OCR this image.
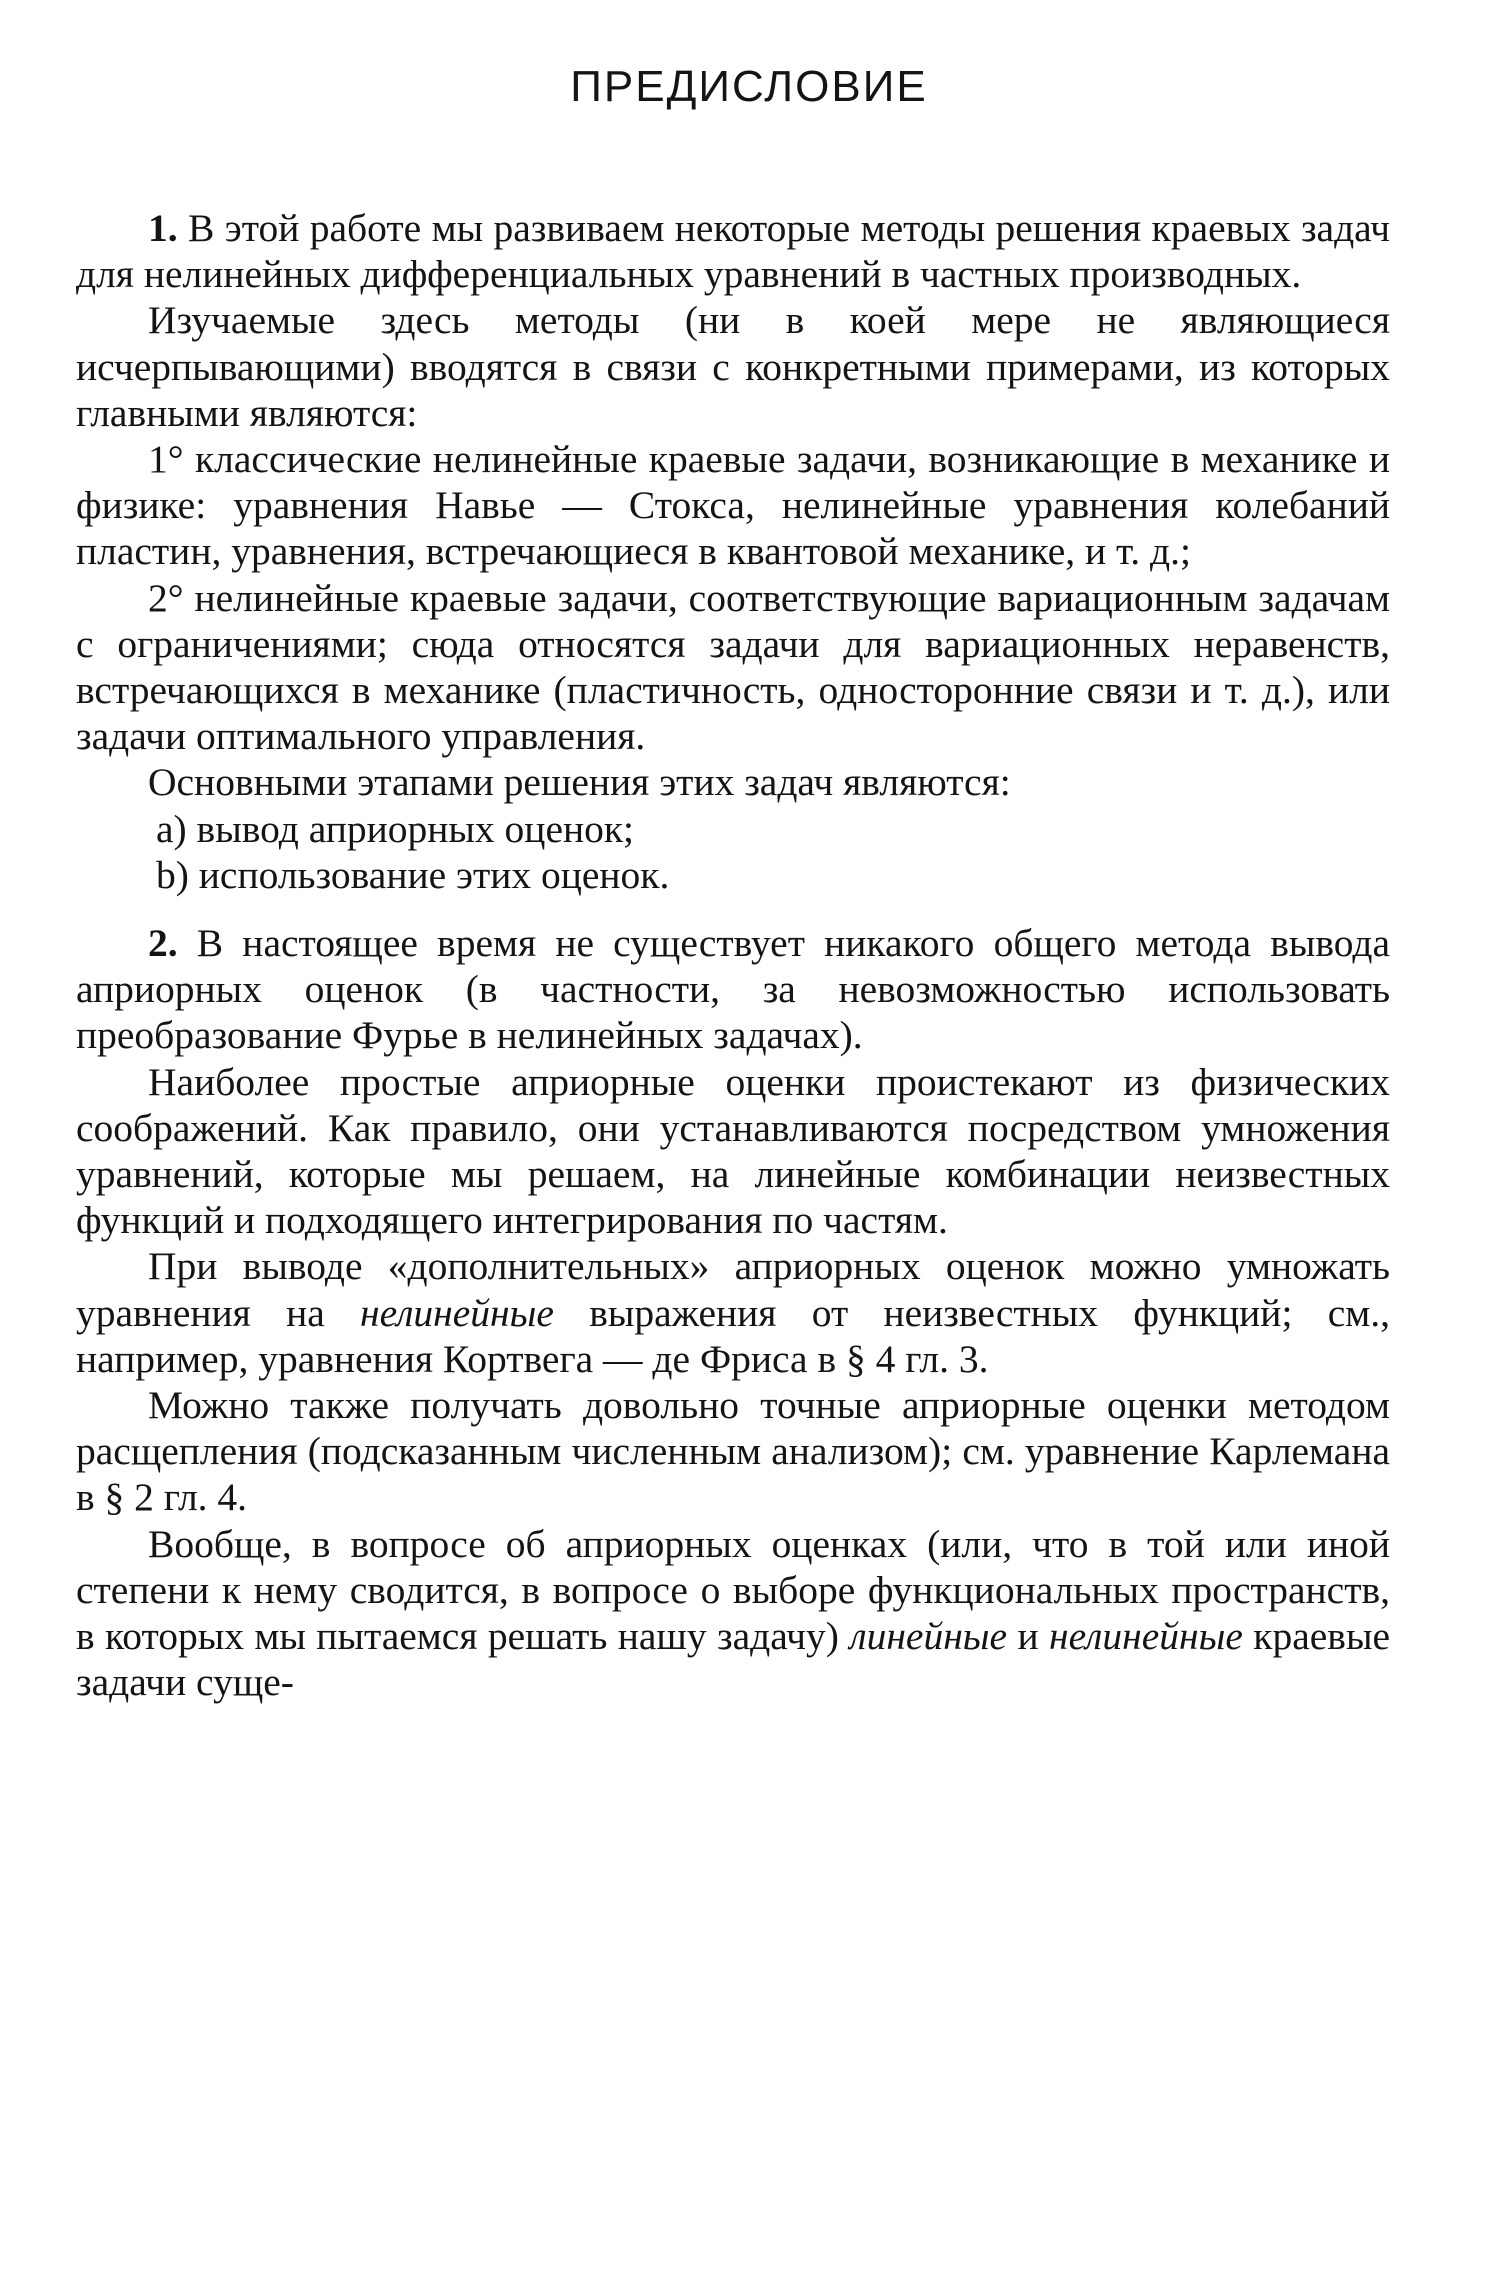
ПРЕДИСЛОВИЕ

1. В этой работе мы развиваем некоторые методы решения краевых задач для нелинейных дифференциальных уравнений в частных производных.

Изучаемые здесь методы (ни в коей мере не являющиеся исчерпывающими) вводятся в связи с конкретными примерами, из которых главными являются:

1° классические нелинейные краевые задачи, возникающие в механике и физике: уравнения Навье — Стокса, нелинейные уравнения колебаний пластин, уравнения, встречающиеся в квантовой механике, и т. д.;

2° нелинейные краевые задачи, соответствующие вариационным задачам с ограничениями; сюда относятся задачи для вариационных неравенств, встречающихся в механике (пластичность, односторонние связи и т. д.), или задачи оптимального управления.

Основными этапами решения этих задач являются:

a) вывод априорных оценок;

b) использование этих оценок.

2. В настоящее время не существует никакого общего метода вывода априорных оценок (в частности, за невозможностью использовать преобразование Фурье в нелинейных задачах).

Наиболее простые априорные оценки проистекают из физических соображений. Как правило, они устанавливаются посредством умножения уравнений, которые мы решаем, на линейные комбинации неизвестных функций и подходящего интегрирования по частям.

При выводе «дополнительных» априорных оценок можно умножать уравнения на нелинейные выражения от неизвестных функций; см., например, уравнения Кортвега — де Фриса в § 4 гл. 3.

Можно также получать довольно точные априорные оценки методом расщепления (подсказанным численным анализом); см. уравнение Карлемана в § 2 гл. 4.

Вообще, в вопросе об априорных оценках (или, что в той или иной степени к нему сводится, в вопросе о выборе функциональных пространств, в которых мы пытаемся решать нашу задачу) линейные и нелинейные краевые задачи суще-
